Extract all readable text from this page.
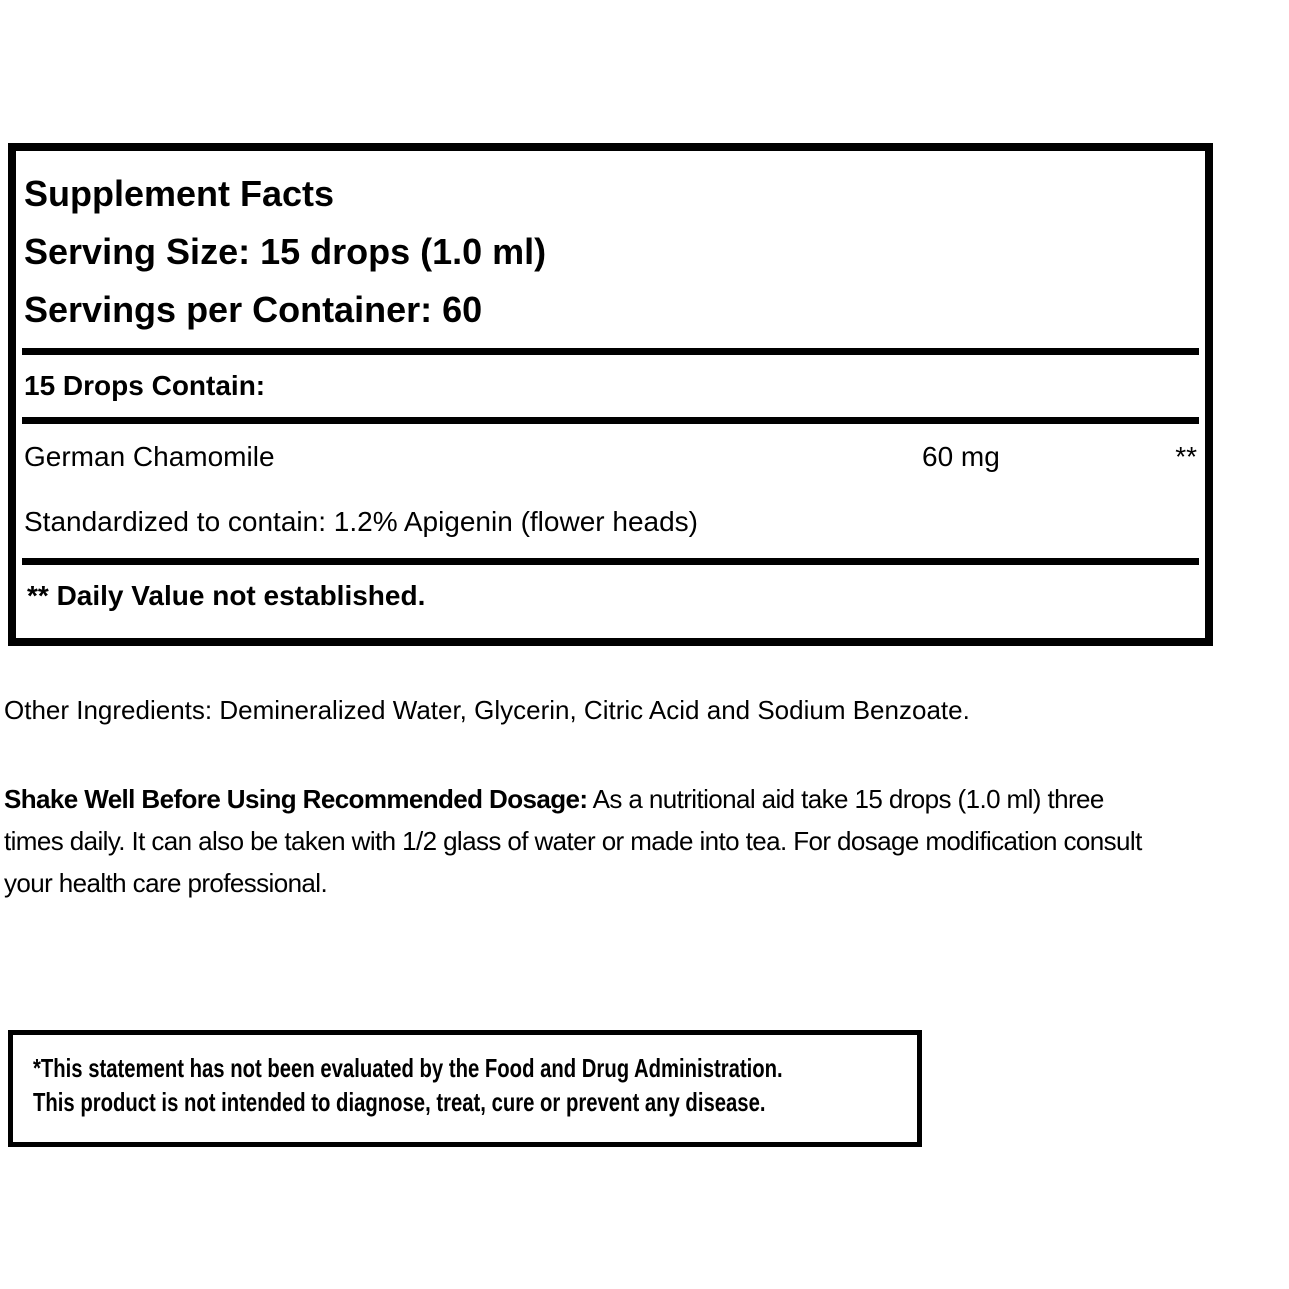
Supplement Facts
Serving Size: 15 drops (1.0 ml)
Servings per Container: 60
15 Drops Contain:
German Chamomile	60 mg	**
Standardized to contain: 1.2% Apigenin (flower heads)
** Daily Value not established.
Other Ingredients: Demineralized Water, Glycerin, Citric Acid and Sodium Benzoate.
Shake Well Before Using Recommended Dosage: As a nutritional aid take 15 drops (1.0 ml) three
times daily. It can also be taken with 1/2 glass of water or made into tea. For dosage modification consult
your health care professional.
*This statement has not been evaluated by the Food and Drug Administration.
This product is not intended to diagnose, treat, cure or prevent any disease.
